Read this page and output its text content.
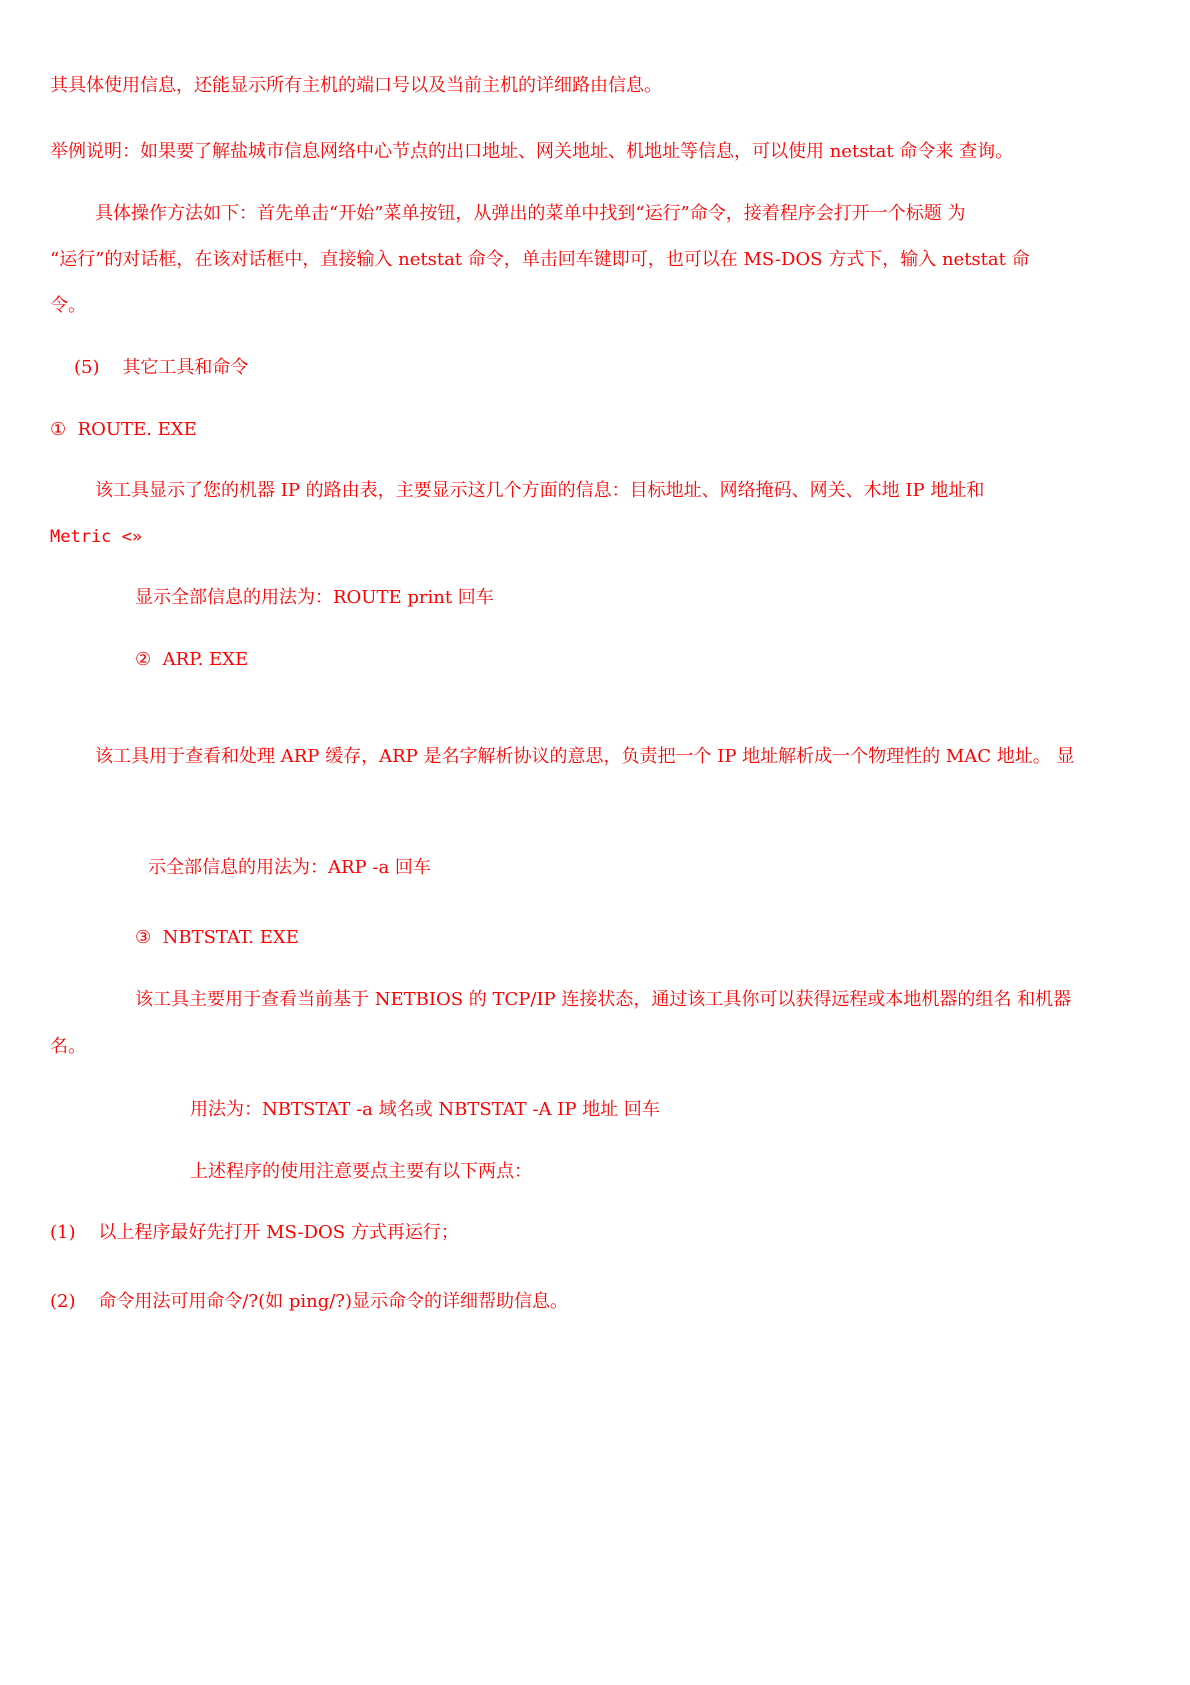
其具体使用信息，还能显示所有主机的端口号以及当前主机的详细路由信息。

举例说明：如果要了解盐城市信息网络中心节点的出口地址、网关地址、机地址等信息，可以使用 netstat 命令来 查询。

具体操作方法如下：首先单击“开始”菜单按钮，从弹出的菜单中找到“运行”命令，接着程序会打开一个标题 为

“运行”的对话框，在该对话框中，直接输入 netstat 命令，单击回车键即可，也可以在 MS-DOS 方式下，输入 netstat 命

令。

(5)    其它工具和命令

①  ROUTE. EXE

该工具显示了您的机器 IP 的路由表，主要显示这几个方面的信息：目标地址、网络掩码、网关、木地 IP 地址和

Metric <»

显示全部信息的用法为：ROUTE print 回车

②  ARP. EXE

该工具用于查看和处理 ARP 缓存，ARP 是名字解析协议的意思，负责把一个 IP 地址解析成一个物理性的 MAC 地址。 显

示全部信息的用法为：ARP -a 回车

③  NBTSTAT. EXE

该工具主要用于查看当前基于 NETBIOS 的 TCP/IP 连接状态，通过该工具你可以获得远程或本地机器的组名 和机器

名。

用法为：NBTSTAT -a 域名或 NBTSTAT -A IP 地址 回车

上述程序的使用注意要点主要有以下两点：

(1)    以上程序最好先打开 MS-DOS 方式再运行；

(2)    命令用法可用命令/?(如 ping/?)显示命令的详细帮助信息。
